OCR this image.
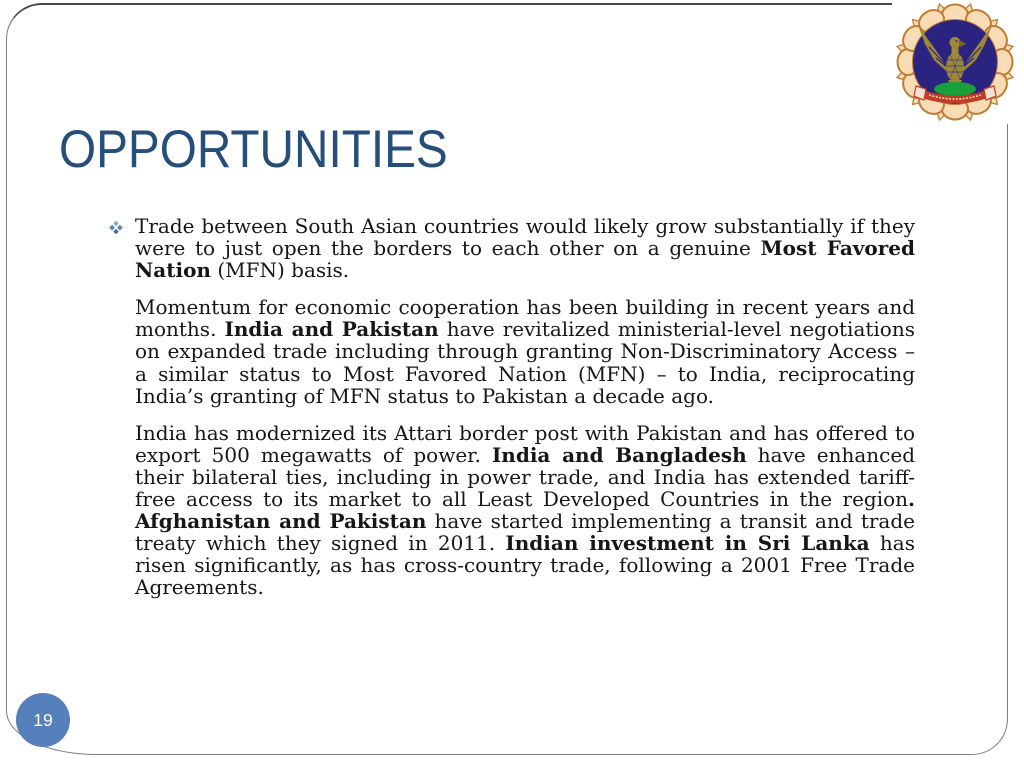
OPPORTUNITIES

Trade between South Asian countries would likely grow substantially if they were to just open the borders to each other on a genuine Most Favored Nation (MFN) basis.

Momentum for economic cooperation has been building in recent years and months. India and Pakistan have revitalized ministerial-level negotiations on expanded trade including through granting Non-Discriminatory Access – a similar status to Most Favored Nation (MFN) – to India, reciprocating India’s granting of MFN status to Pakistan a decade ago.

India has modernized its Attari border post with Pakistan and has offered to export 500 megawatts of power. India and Bangladesh have enhanced their bilateral ties, including in power trade, and India has extended tariff-free access to its market to all Least Developed Countries in the region. Afghanistan and Pakistan have started implementing a transit and trade treaty which they signed in 2011. Indian investment in Sri Lanka has risen significantly, as has cross-country trade, following a 2001 Free Trade Agreements.

19
